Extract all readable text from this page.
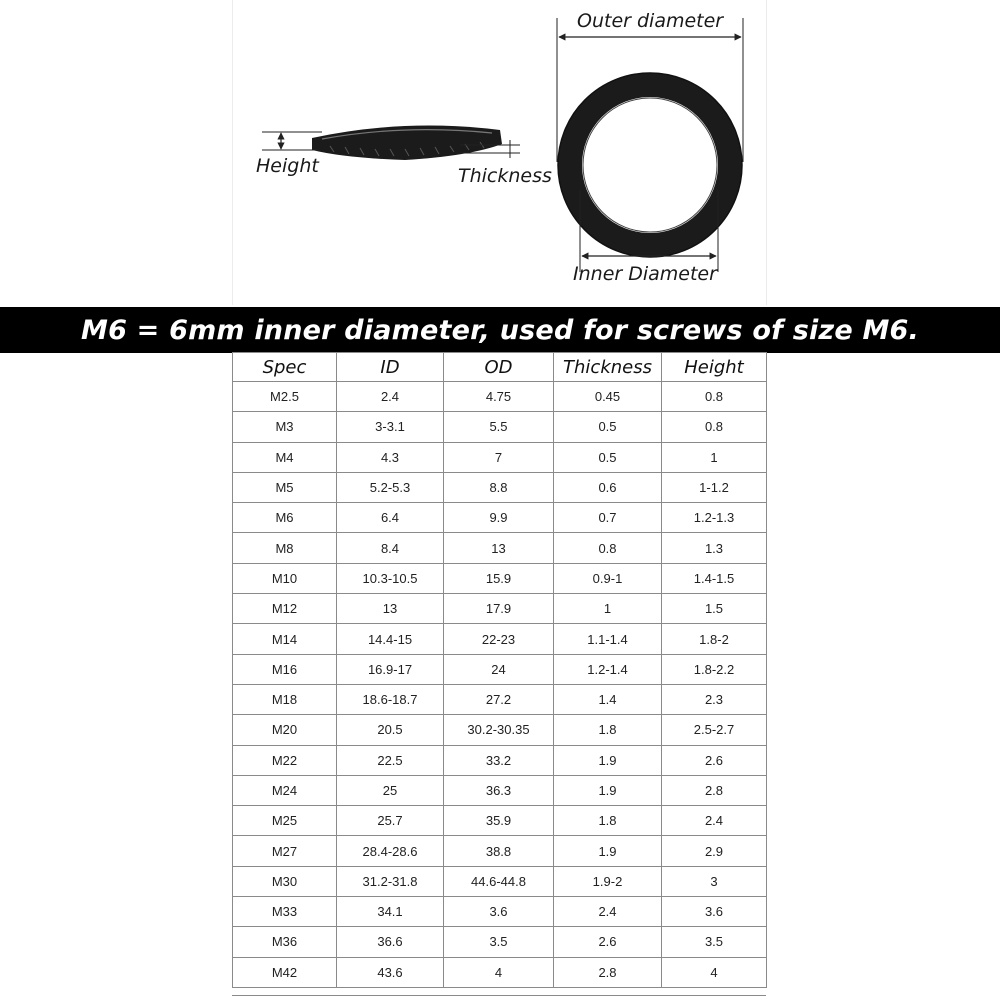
Height	Thickness
Outer diameter
Inner Diameter
M6 = 6mm inner diameter, used for screws of size M6.
Spec	ID	OD	Thickness	Height
M2.5	2.4	4.75	0.45	0.8
M3	3-3.1	5.5	0.5	0.8
M4	4.3	7	0.5	1
M5	5.2-5.3	8.8	0.6	1-1.2
M6	6.4	9.9	0.7	1.2-1.3
M8	8.4	13	0.8	1.3
M10	10.3-10.5	15.9	0.9-1	1.4-1.5
M12	13	17.9	1	1.5
M14	14.4-15	22-23	1.1-1.4	1.8-2
M16	16.9-17	24	1.2-1.4	1.8-2.2
M18	18.6-18.7	27.2	1.4	2.3
M20	20.5	30.2-30.35	1.8	2.5-2.7
M22	22.5	33.2	1.9	2.6
M24	25	36.3	1.9	2.8
M25	25.7	35.9	1.8	2.4
M27	28.4-28.6	38.8	1.9	2.9
M30	31.2-31.8	44.6-44.8	1.9-2	3
M33	34.1	3.6	2.4	3.6
M36	36.6	3.5	2.6	3.5
M42	43.6	4	2.8	4
